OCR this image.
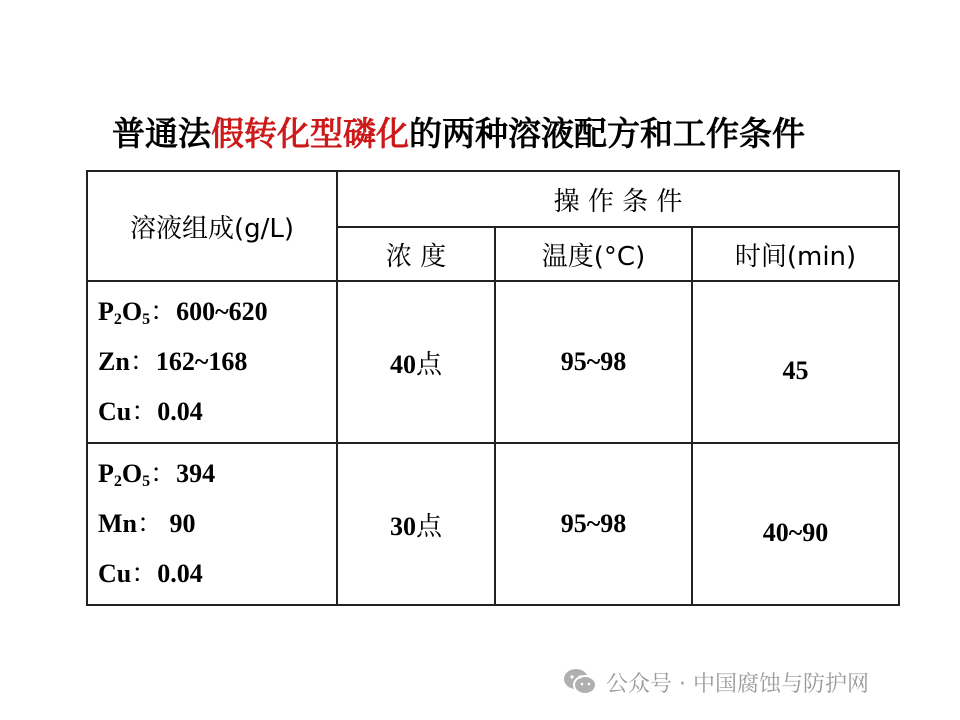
普通法假转化型磷化的两种溶液配方和工作条件
溶液组成(g/L)	操 作 条 件		
	浓 度	温度(°C)	时间(min)

$P_2O_5$：600~620
Zn：162~168
Cu：0.04	40点	95~98	45

$P_2O_5$：394
Mn： 90
Cu：0.04	30点	95~98	40~90
公众号 · 中国腐蚀与防护网
